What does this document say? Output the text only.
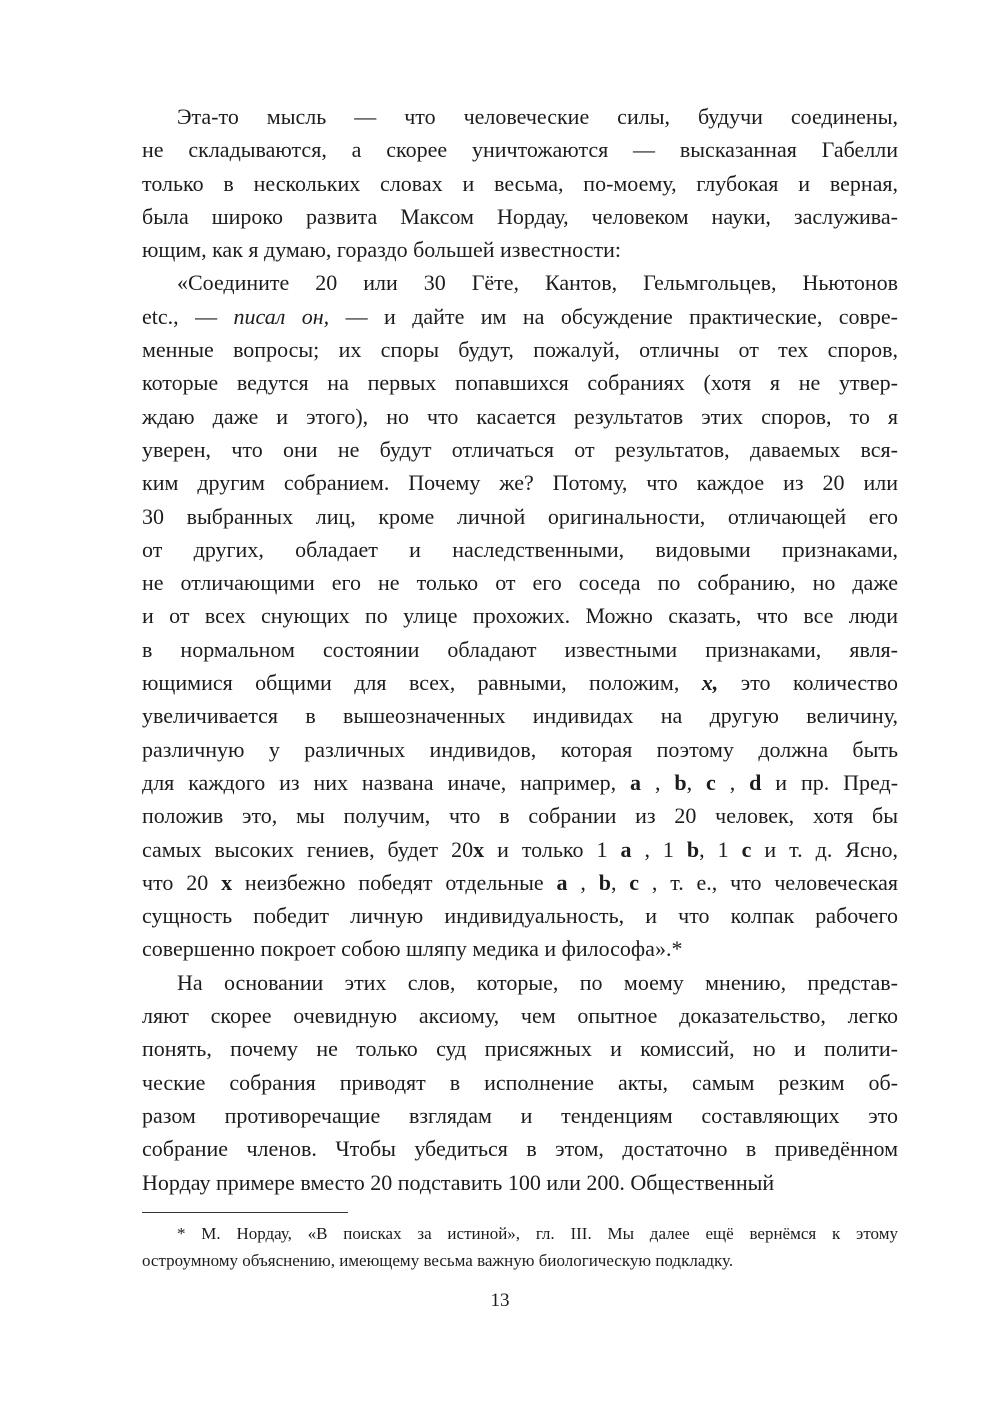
Эта-то мысль — что человеческие силы, будучи соединены,
не складываются, а скорее уничтожаются — высказанная Габелли
только в нескольких словах и весьма, по-моему, глубокая и верная,
была широко развита Максом Нордау, человеком науки, заслужива-
ющим, как я думаю, гораздо большей известности:
«Соедините 20 или 30 Гёте, Кантов, Гельмгольцев, Ньютонов
etc., — писал он, — и дайте им на обсуждение практические, совре-
менные вопросы; их споры будут, пожалуй, отличны от тех споров,
которые ведутся на первых попавшихся собраниях (хотя я не утвер-
ждаю даже и этого), но что касается результатов этих споров, то я
уверен, что они не будут отличаться от результатов, даваемых вся-
ким другим собранием. Почему же? Потому, что каждое из 20 или
30 выбранных лиц, кроме личной оригинальности, отличающей его
от других, обладает и наследственными, видовыми признаками,
не отличающими его не только от его соседа по собранию, но даже
и от всех снующих по улице прохожих. Можно сказать, что все люди
в нормальном состоянии обладают известными признаками, явля-
ющимися общими для всех, равными, положим, x, это количество
увеличивается в вышеозначенных индивидах на другую величину,
различную у различных индивидов, которая поэтому должна быть
для каждого из них названа иначе, например, a , b, c , d и пр. Пред-
положив это, мы получим, что в собрании из 20 человек, хотя бы
самых высоких гениев, будет 20x и только 1 a , 1 b, 1 c и т. д. Ясно,
что 20 x неизбежно победят отдельные a , b, c , т. е., что человеческая
сущность победит личную индивидуальность, и что колпак рабочего
совершенно покроет собою шляпу медика и философа».*
На основании этих слов, которые, по моему мнению, представ-
ляют скорее очевидную аксиому, чем опытное доказательство, легко
понять, почему не только суд присяжных и комиссий, но и полити-
ческие собрания приводят в исполнение акты, самым резким об-
разом противоречащие взглядам и тенденциям составляющих это
собрание членов. Чтобы убедиться в этом, достаточно в приведённом
Нордау примере вместо 20 подставить 100 или 200. Общественный
* М. Нордау, «В поисках за истиной», гл. III. Мы далее ещё вернёмся к этому
остроумному объяснению, имеющему весьма важную биологическую подкладку.
13
